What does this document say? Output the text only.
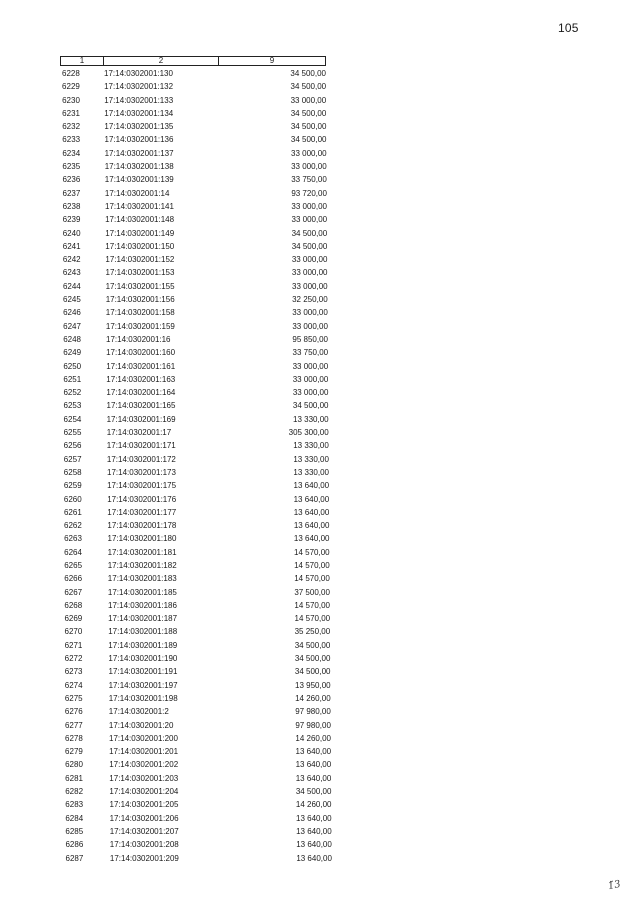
105
1	2	9
6228	17:14:0302001:130	34 500,00
6229	17:14:0302001:132	34 500,00
6230	17:14:0302001:133	33 000,00
6231	17:14:0302001:134	34 500,00
6232	17:14:0302001:135	34 500,00
6233	17:14:0302001:136	34 500,00
6234	17:14:0302001:137	33 000,00
6235	17:14:0302001:138	33 000,00
6236	17:14:0302001:139	33 750,00
6237	17:14:0302001:14	93 720,00
6238	17:14:0302001:141	33 000,00
6239	17:14:0302001:148	33 000,00
6240	17:14:0302001:149	34 500,00
6241	17:14:0302001:150	34 500,00
6242	17:14:0302001:152	33 000,00
6243	17:14:0302001:153	33 000,00
6244	17:14:0302001:155	33 000,00
6245	17:14:0302001:156	32 250,00
6246	17:14:0302001:158	33 000,00
6247	17:14:0302001:159	33 000,00
6248	17:14:0302001:16	95 850,00
6249	17:14:0302001:160	33 750,00
6250	17:14:0302001:161	33 000,00
6251	17:14:0302001:163	33 000,00
6252	17:14:0302001:164	33 000,00
6253	17:14:0302001:165	34 500,00
6254	17:14:0302001:169	13 330,00
6255	17:14:0302001:17	305 300,00
6256	17:14:0302001:171	13 330,00
6257	17:14:0302001:172	13 330,00
6258	17:14:0302001:173	13 330,00
6259	17:14:0302001:175	13 640,00
6260	17:14:0302001:176	13 640,00
6261	17:14:0302001:177	13 640,00
6262	17:14:0302001:178	13 640,00
6263	17:14:0302001:180	13 640,00
6264	17:14:0302001:181	14 570,00
6265	17:14:0302001:182	14 570,00
6266	17:14:0302001:183	14 570,00
6267	17:14:0302001:185	37 500,00
6268	17:14:0302001:186	14 570,00
6269	17:14:0302001:187	14 570,00
6270	17:14:0302001:188	35 250,00
6271	17:14:0302001:189	34 500,00
6272	17:14:0302001:190	34 500,00
6273	17:14:0302001:191	34 500,00
6274	17:14:0302001:197	13 950,00
6275	17:14:0302001:198	14 260,00
6276	17:14:0302001:2	97 980,00
6277	17:14:0302001:20	97 980,00
6278	17:14:0302001:200	14 260,00
6279	17:14:0302001:201	13 640,00
6280	17:14:0302001:202	13 640,00
6281	17:14:0302001:203	13 640,00
6282	17:14:0302001:204	34 500,00
6283	17:14:0302001:205	14 260,00
6284	17:14:0302001:206	13 640,00
6285	17:14:0302001:207	13 640,00
6286	17:14:0302001:208	13 640,00
6287	17:14:0302001:209	13 640,00
1̃3
